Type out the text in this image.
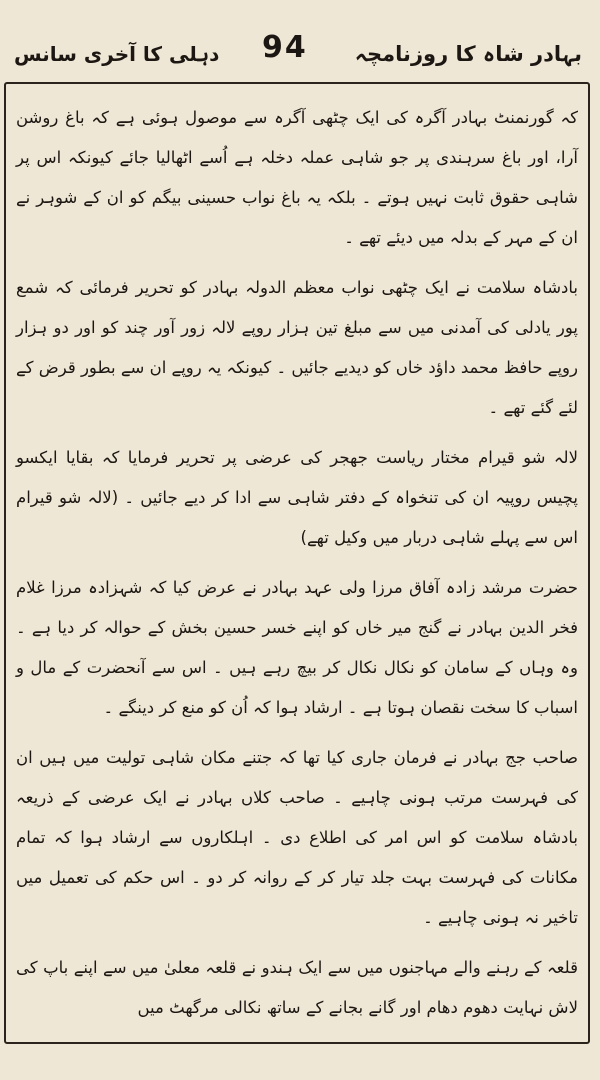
بہادر شاہ کا روزنامچہ
94
دہلی کا آخری سانس

کہ گورنمنٹ بہادر آگرہ کی ایک چٹھی آگرہ سے موصول ہوئی ہے کہ باغ روشن آرا، اور باغ سرہندی پر جو شاہی عملہ دخلہ ہے اُسے اٹھالیا جائے کیونکہ اس پر شاہی حقوق ثابت نہیں ہوتے ۔ بلکہ یہ باغ نواب حسینی بیگم کو ان کے شوہر نے ان کے مہر کے بدلہ میں دیئے تھے ۔

بادشاہ سلامت نے ایک چٹھی نواب معظم الدولہ بہادر کو تحریر فرمائی کہ شمع پور یادلی کی آمدنی میں سے مبلغ تین ہزار روپے لالہ زور آور چند کو اور دو ہزار روپے حافظ محمد داؤد خاں کو دیدیے جائیں ۔ کیونکہ یہ روپے ان سے بطور قرض کے لئے گئے تھے ۔

لالہ شو قیرام مختار ریاست جھجر کی عرضی پر تحریر فرمایا کہ بقایا ایکسو پچیس روپیہ ان کی تنخواہ کے دفتر شاہی سے ادا کر دیے جائیں ۔ (لالہ شو قیرام اس سے پہلے شاہی دربار میں وکیل تھے)

حضرت مرشد زادہ آفاق مرزا ولی عہد بہادر نے عرض کیا کہ شہزادہ مرزا غلام فخر الدین بہادر نے گنج میر خاں کو اپنے خسر حسین بخش کے حوالہ کر دیا ہے ۔ وہ وہاں کے سامان کو نکال نکال کر بیچ رہے ہیں ۔ اس سے آنحضرت کے مال و اسباب کا سخت نقصان ہوتا ہے ۔ ارشاد ہوا کہ اُن کو منع کر دینگے ۔

صاحب جج بہادر نے فرمان جاری کیا تھا کہ جتنے مکان شاہی تولیت میں ہیں ان کی فہرست مرتب ہونی چاہیے ۔ صاحب کلاں بہادر نے ایک عرضی کے ذریعہ بادشاہ سلامت کو اس امر کی اطلاع دی ۔ اہلکاروں سے ارشاد ہوا کہ تمام مکانات کی فہرست بہت جلد تیار کر کے روانہ کر دو ۔ اس حکم کی تعمیل میں تاخیر نہ ہونی چاہیے ۔

قلعہ کے رہنے والے مہاجنوں میں سے ایک ہندو نے قلعہ معلیٰ میں سے اپنے باپ کی لاش نہایت دھوم دھام اور گانے بجانے کے ساتھ نکالی مرگھٹ میں
